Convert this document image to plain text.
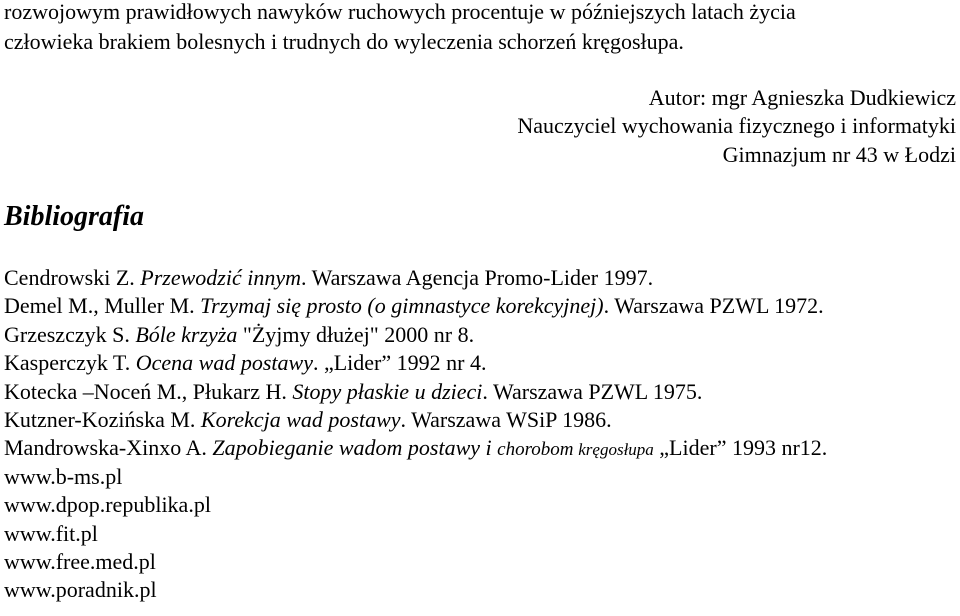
rozwojowym prawidłowych nawyków ruchowych procentuje w późniejszych latach życia
człowieka brakiem bolesnych i trudnych do wyleczenia schorzeń kręgosłupa.
Autor: mgr Agnieszka Dudkiewicz
Nauczyciel wychowania fizycznego i informatyki
Gimnazjum nr 43 w Łodzi
Bibliografia
Cendrowski Z. Przewodzić innym. Warszawa Agencja Promo-Lider 1997.
Demel M., Muller M. Trzymaj się prosto (o gimnastyce korekcyjnej). Warszawa PZWL 1972.
Grzeszczyk S. Bóle krzyża "Żyjmy dłużej" 2000 nr 8.
Kasperczyk T. Ocena wad postawy. „Lider” 1992 nr 4.
Kotecka –Noceń M., Płukarz H. Stopy płaskie u dzieci. Warszawa PZWL 1975.
Kutzner-Kozińska M. Korekcja wad postawy. Warszawa WSiP 1986.
Mandrowska-Xinxo A. Zapobieganie wadom postawy i chorobom kręgosłupa „Lider” 1993 nr12.
www.b-ms.pl
www.dpop.republika.pl
www.fit.pl
www.free.med.pl
www.poradnik.pl
